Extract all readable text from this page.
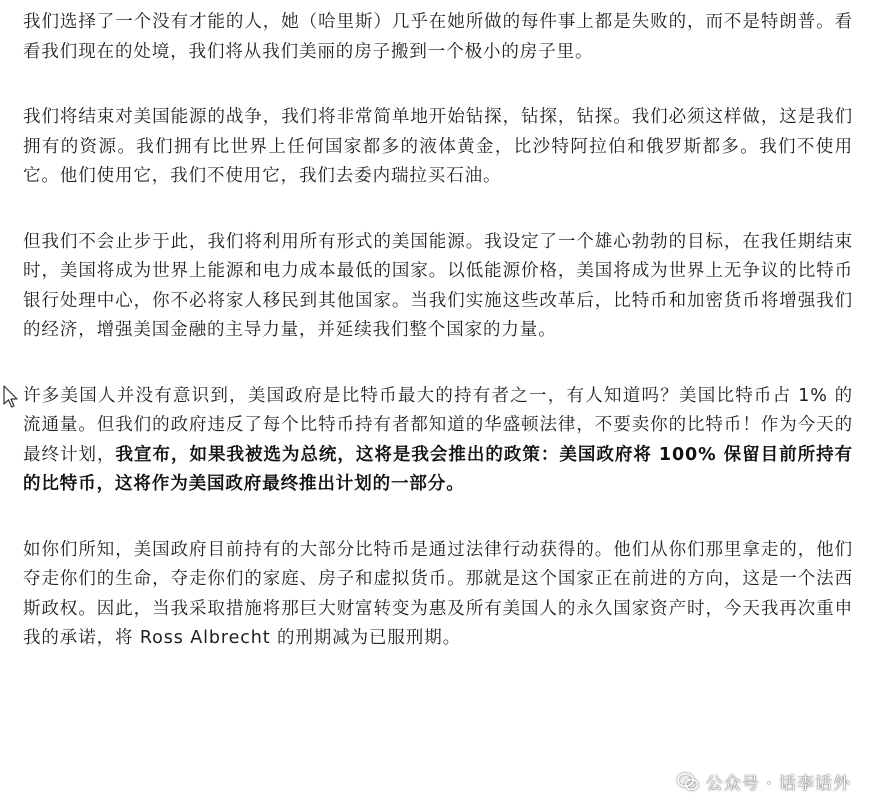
我们选择了一个没有才能的人，她（哈里斯）几乎在她所做的每件事上都是失败的，而不是特朗普。看看我们现在的处境，我们将从我们美丽的房子搬到一个极小的房子里。

我们将结束对美国能源的战争，我们将非常简单地开始钻探，钻探，钻探。我们必须这样做，这是我们拥有的资源。我们拥有比世界上任何国家都多的液体黄金，比沙特阿拉伯和俄罗斯都多。我们不使用它。他们使用它，我们不使用它，我们去委内瑞拉买石油。

但我们不会止步于此，我们将利用所有形式的美国能源。我设定了一个雄心勃勃的目标，在我任期结束时，美国将成为世界上能源和电力成本最低的国家。以低能源价格，美国将成为世界上无争议的比特币银行处理中心，你不必将家人移民到其他国家。当我们实施这些改革后，比特币和加密货币将增强我们的经济，增强美国金融的主导力量，并延续我们整个国家的力量。

许多美国人并没有意识到，美国政府是比特币最大的持有者之一，有人知道吗？美国比特币占 1% 的流通量。但我们的政府违反了每个比特币持有者都知道的华盛顿法律，不要卖你的比特币！作为今天的最终计划，我宣布，如果我被选为总统，这将是我会推出的政策：美国政府将 100% 保留目前所持有的比特币，这将作为美国政府最终推出计划的一部分。

如你们所知，美国政府目前持有的大部分比特币是通过法律行动获得的。他们从你们那里拿走的，他们夺走你们的生命，夺走你们的家庭、房子和虚拟货币。那就是这个国家正在前进的方向，这是一个法西斯政权。因此，当我采取措施将那巨大财富转变为惠及所有美国人的永久国家资产时，今天我再次重申我的承诺，将 Ross Albrecht 的刑期减为已服刑期。

公众号 · 话李话外
